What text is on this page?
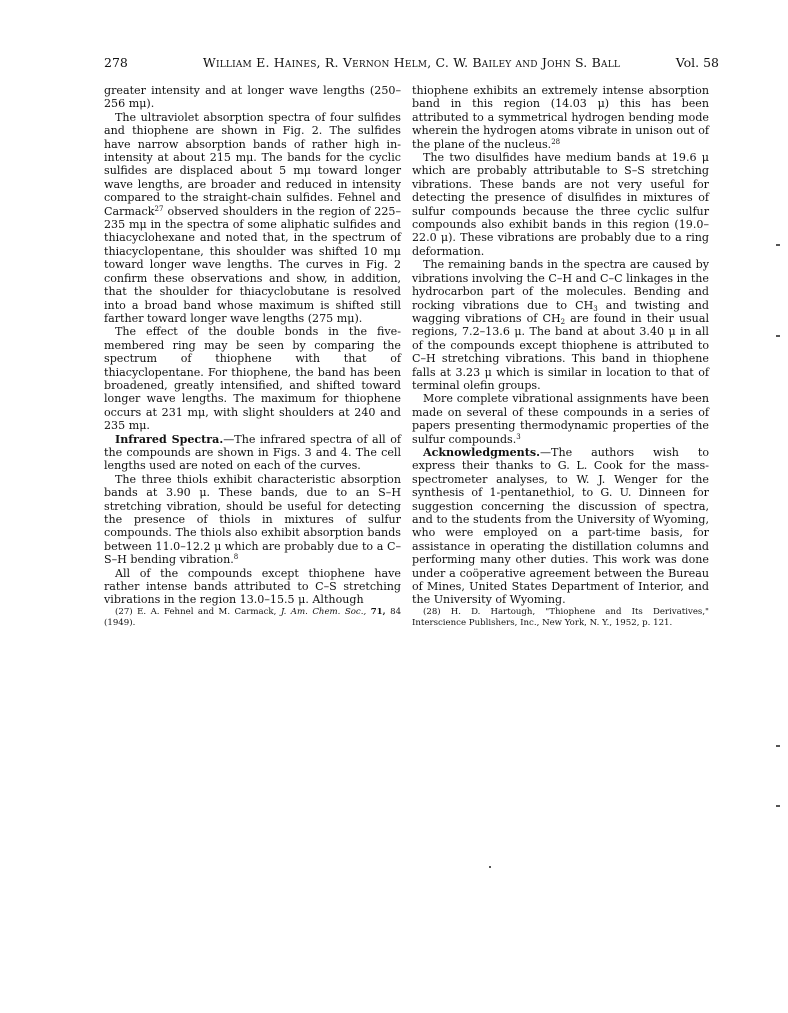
278	William E. Haines, R. Vernon Helm, C. W. Bailey and John S. Ball	Vol. 58

greater intensity and at longer wave lengths (250–256 mμ).

The ultraviolet absorption spectra of four sulfides and thiophene are shown in Fig. 2. The sulfides have narrow absorption bands of rather high in-intensity at about 215 mμ. The bands for the cyclic sulfides are displaced about 5 mμ toward longer wave lengths, are broader and reduced in intensity compared to the straight-chain sulfides. Fehnel and Carmack$^{27}$ observed shoulders in the region of 225–235 mμ in the spectra of some aliphatic sulfides and thiacyclohexane and noted that, in the spectrum of thiacyclopentane, this shoulder was shifted 10 mμ toward longer wave lengths. The curves in Fig. 2 confirm these observations and show, in addition, that the shoulder for thiacyclobutane is resolved into a broad band whose maximum is shifted still farther toward longer wave lengths (275 mμ).

The effect of the double bonds in the five-membered ring may be seen by comparing the spectrum of thiophene with that of thiacyclopentane. For thiophene, the band has been broadened, greatly intensified, and shifted toward longer wave lengths. The maximum for thiophene occurs at 231 mμ, with slight shoulders at 240 and 235 mμ.

Infrared Spectra.—The infrared spectra of all of the compounds are shown in Figs. 3 and 4. The cell lengths used are noted on each of the curves.

The three thiols exhibit characteristic absorption bands at 3.90 μ. These bands, due to an S–H stretching vibration, should be useful for detecting the presence of thiols in mixtures of sulfur compounds. The thiols also exhibit absorption bands between 11.0–12.2 μ which are probably due to a C–S–H bending vibration.$^8$

All of the compounds except thiophene have rather intense bands attributed to C–S stretching vibrations in the region 13.0–15.5 μ. Although

(27) E. A. Fehnel and M. Carmack, J. Am. Chem. Soc., 71, 84 (1949).

thiophene exhibits an extremely intense absorption band in this region (14.03 μ) this has been attributed to a symmetrical hydrogen bending mode wherein the hydrogen atoms vibrate in unison out of the plane of the nucleus.$^{28}$

The two disulfides have medium bands at 19.6 μ which are probably attributable to S–S stretching vibrations. These bands are not very useful for detecting the presence of disulfides in mixtures of sulfur compounds because the three cyclic sulfur compounds also exhibit bands in this region (19.0–22.0 μ). These vibrations are probably due to a ring deformation.

The remaining bands in the spectra are caused by vibrations involving the C–H and C–C linkages in the hydrocarbon part of the molecules. Bending and rocking vibrations due to $CH_3$ and twisting and wagging vibrations of $CH_2$ are found in their usual regions, 7.2–13.6 μ. The band at about 3.40 μ in all of the compounds except thiophene is attributed to C–H stretching vibrations. This band in thiophene falls at 3.23 μ which is similar in location to that of terminal olefin groups.

More complete vibrational assignments have been made on several of these compounds in a series of papers presenting thermodynamic properties of the sulfur compounds.$^3$

Acknowledgments.—The authors wish to express their thanks to G. L. Cook for the mass-spectrometer analyses, to W. J. Wenger for the synthesis of 1-pentanethiol, to G. U. Dinneen for suggestion concerning the discussion of spectra, and to the students from the University of Wyoming, who were employed on a part-time basis, for assistance in operating the distillation columns and performing many other duties. This work was done under a coöperative agreement between the Bureau of Mines, United States Department of Interior, and the University of Wyoming.

(28) H. D. Hartough, "Thiophene and Its Derivatives," Interscience Publishers, Inc., New York, N. Y., 1952, p. 121.
